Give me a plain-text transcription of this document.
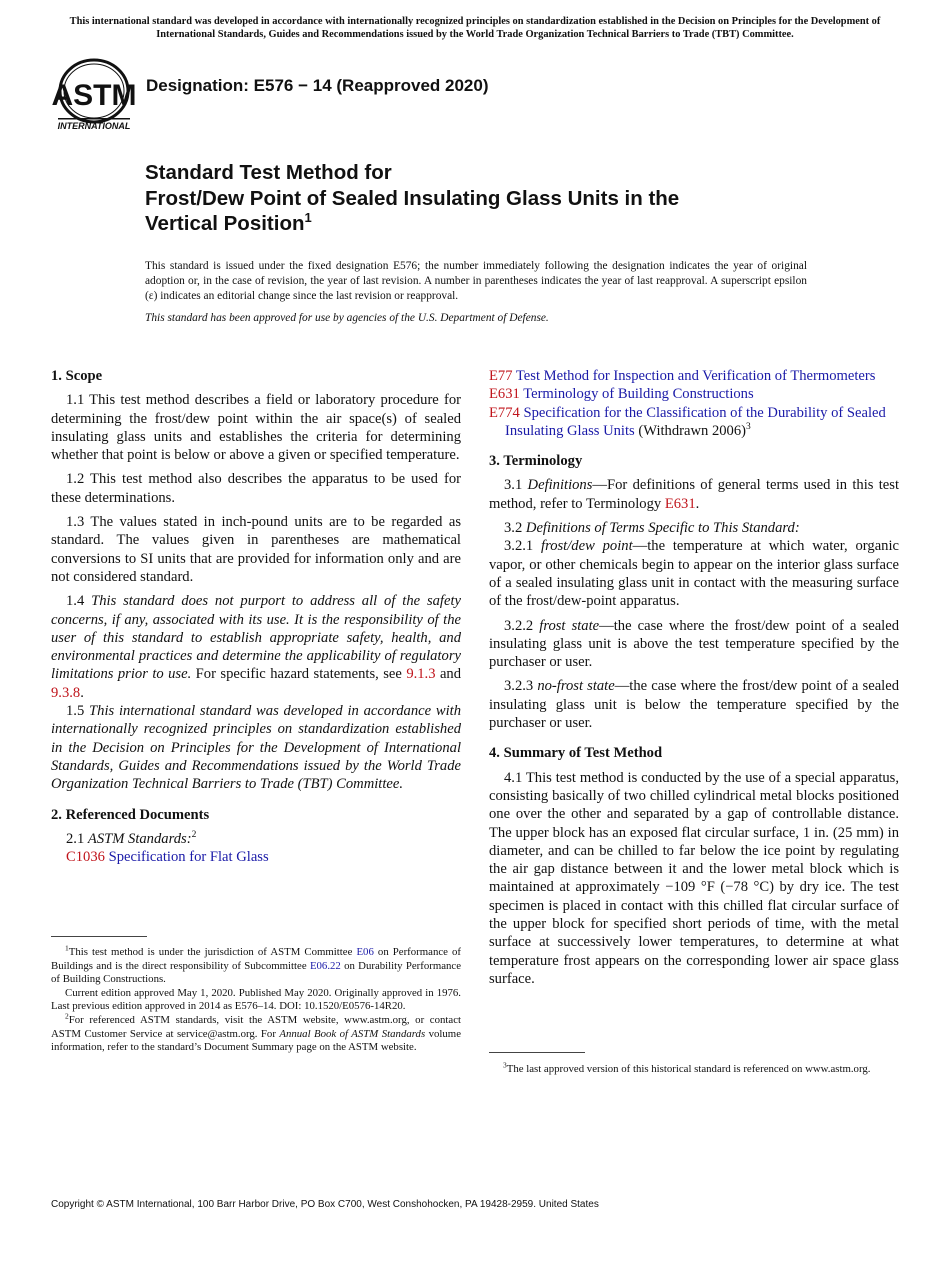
This international standard was developed in accordance with internationally recognized principles on standardization established in the Decision on Principles for the Development of International Standards, Guides and Recommendations issued by the World Trade Organization Technical Barriers to Trade (TBT) Committee.
ASTM
INTERNATIONAL
Designation: E576 − 14 (Reapproved 2020)
Standard Test Method for
Frost/Dew Point of Sealed Insulating Glass Units in the
Vertical Position$^1$
This standard is issued under the fixed designation E576; the number immediately following the designation indicates the year of original adoption or, in the case of revision, the year of last revision. A number in parentheses indicates the year of last reapproval. A superscript epsilon (ε) indicates an editorial change since the last revision or reapproval.
This standard has been approved for use by agencies of the U.S. Department of Defense.
1. Scope

1.1 This test method describes a field or laboratory procedure for determining the frost/dew point within the air space(s) of sealed insulating glass units and establishes the criteria for determining whether that point is below or above a given or specified temperature.

1.2 This test method also describes the apparatus to be used for these determinations.

1.3 The values stated in inch-pound units are to be regarded as standard. The values given in parentheses are mathematical conversions to SI units that are provided for information only and are not considered standard.

1.4 This standard does not purport to address all of the safety concerns, if any, associated with its use. It is the responsibility of the user of this standard to establish appropriate safety, health, and environmental practices and determine the applicability of regulatory limitations prior to use. For specific hazard statements, see 9.1.3 and 9.3.8.

1.5 This international standard was developed in accordance with internationally recognized principles on standardization established in the Decision on Principles for the Development of International Standards, Guides and Recommendations issued by the World Trade Organization Technical Barriers to Trade (TBT) Committee.

2. Referenced Documents

2.1 ASTM Standards:$^2$

C1036 Specification for Flat Glass

$^1$This test method is under the jurisdiction of ASTM Committee E06 on Performance of Buildings and is the direct responsibility of Subcommittee E06.22 on Durability Performance of Building Constructions.

Current edition approved May 1, 2020. Published May 2020. Originally approved in 1976. Last previous edition approved in 2014 as E576–14. DOI: 10.1520/E0576-14R20.

$^2$For referenced ASTM standards, visit the ASTM website, www.astm.org, or contact ASTM Customer Service at service@astm.org. For Annual Book of ASTM Standards volume information, refer to the standard’s Document Summary page on the ASTM website.

E77 Test Method for Inspection and Verification of Thermometers

E631 Terminology of Building Constructions

E774 Specification for the Classification of the Durability of Sealed Insulating Glass Units (Withdrawn 2006)$^3$

3. Terminology

3.1 Definitions—For definitions of general terms used in this test method, refer to Terminology E631.

3.2 Definitions of Terms Specific to This Standard:

3.2.1 frost/dew point—the temperature at which water, organic vapor, or other chemicals begin to appear on the interior glass surface of a sealed insulating glass unit in contact with the measuring surface of the frost/dew-point apparatus.

3.2.2 frost state—the case where the frost/dew point of a sealed insulating glass unit is above the test temperature specified by the purchaser or user.

3.2.3 no-frost state—the case where the frost/dew point of a sealed insulating glass unit is below the temperature specified by the purchaser or user.

4. Summary of Test Method

4.1 This test method is conducted by the use of a special apparatus, consisting basically of two chilled cylindrical metal blocks positioned one over the other and separated by a gap of controllable distance. The upper block has an exposed flat circular surface, 1 in. (25 mm) in diameter, and can be chilled to far below the ice point by regulating the air gap distance between it and the lower metal block which is maintained at approximately −109 °F (−78 °C) by dry ice. The test specimen is placed in contact with this chilled flat circular surface of the upper block for specified short periods of time, with the metal surface at successively lower temperatures, to determine at what temperature frost appears on the corresponding lower air space glass surface.

$^3$The last approved version of this historical standard is referenced on www.astm.org.

Copyright © ASTM International, 100 Barr Harbor Drive, PO Box C700, West Conshohocken, PA 19428-2959. United States
